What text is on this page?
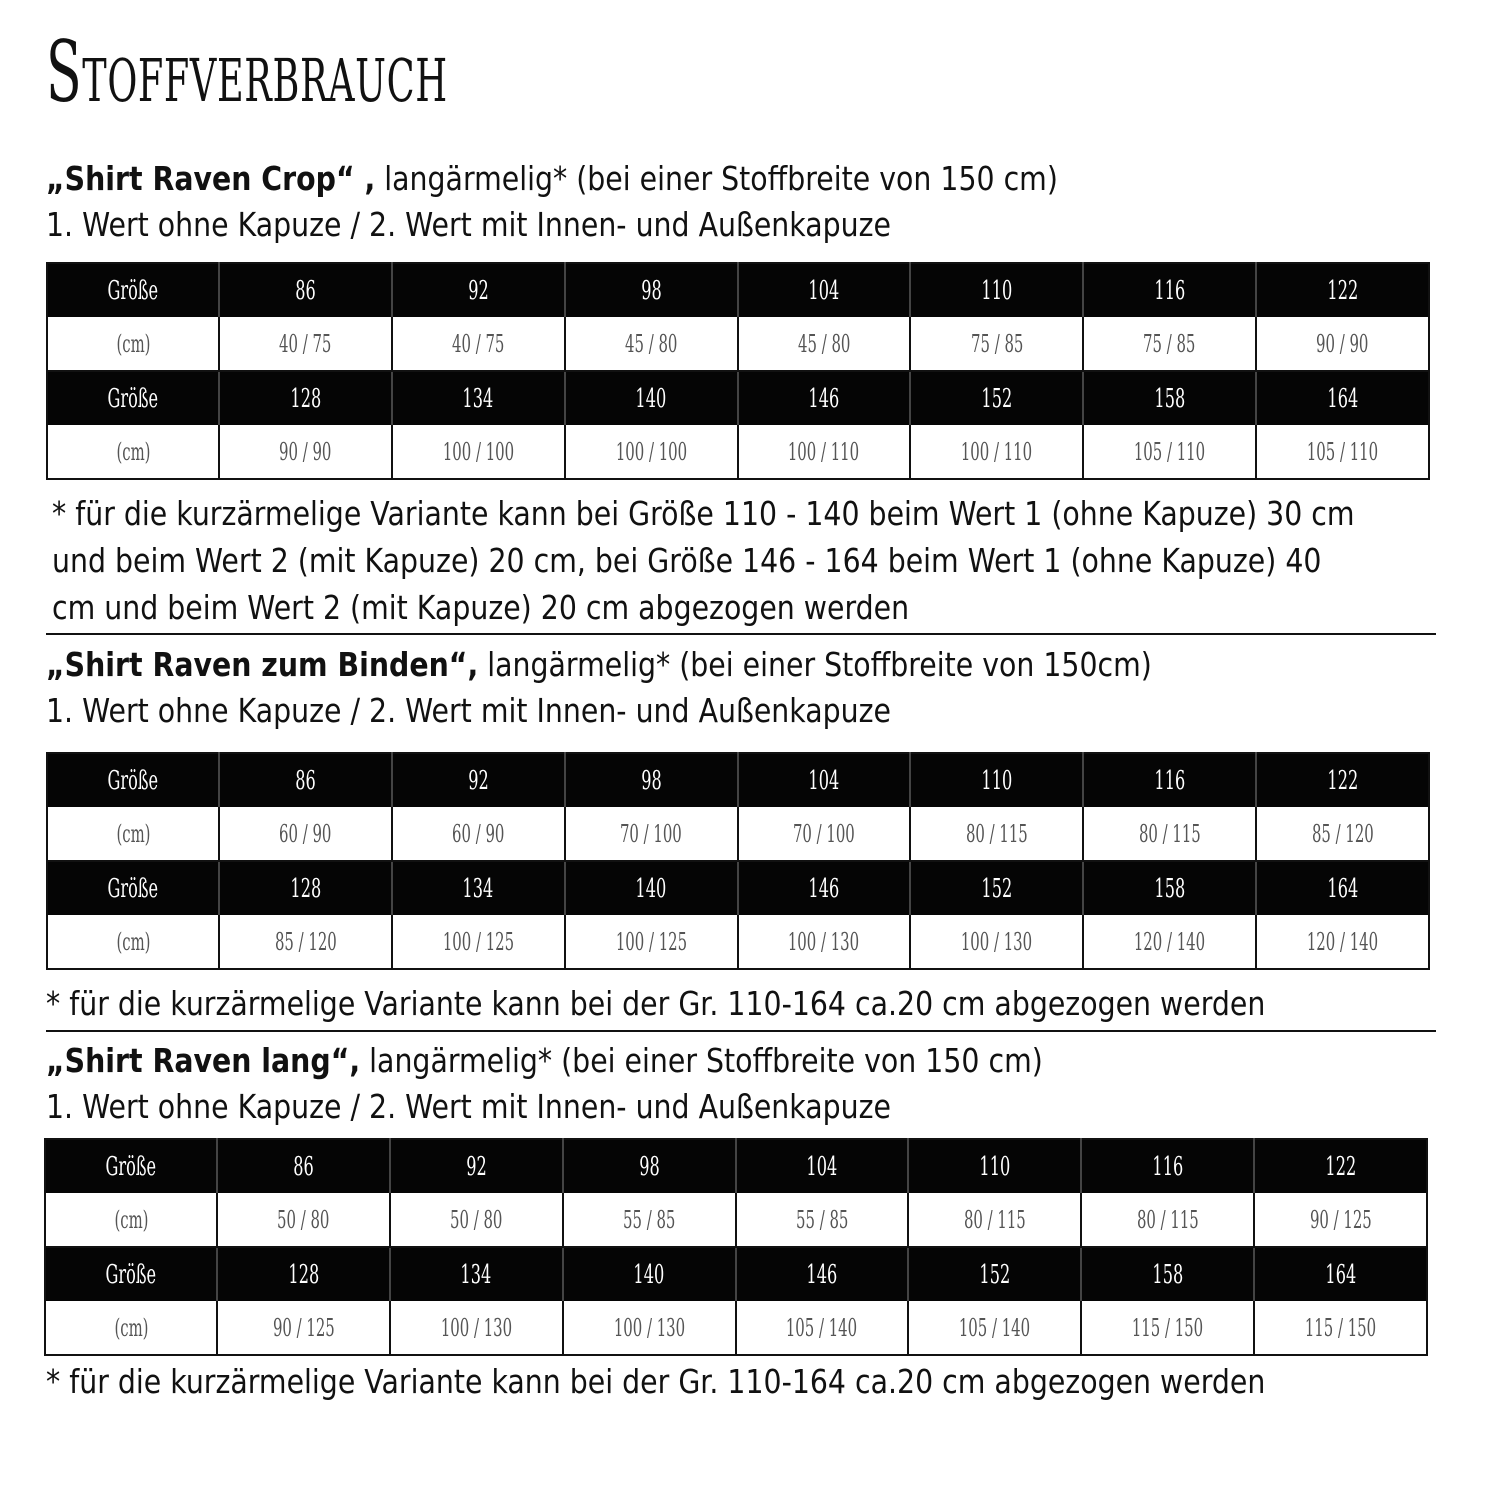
Stoffverbrauch
„Shirt Raven Crop“ , langärmelig* (bei einer Stoffbreite von 150 cm)
1. Wert ohne Kapuze / 2. Wert mit Innen- und Außenkapuze
Größe	86	92	98	104	110	116	122
(cm)	40 / 75	40 / 75	45 / 80	45 / 80	75 / 85	75 / 85	90 / 90
Größe	128	134	140	146	152	158	164
(cm)	90 / 90	100 / 100	100 / 100	100 / 110	100 / 110	105 / 110	105 / 110
* für die kurzärmelige Variante kann bei Größe 110 - 140 beim Wert 1 (ohne Kapuze) 30 cm
und beim Wert 2 (mit Kapuze) 20 cm, bei Größe 146 - 164 beim Wert 1 (ohne Kapuze) 40
cm und beim Wert 2 (mit Kapuze) 20 cm abgezogen werden
„Shirt Raven zum Binden“, langärmelig* (bei einer Stoffbreite von 150cm)
1. Wert ohne Kapuze / 2. Wert mit Innen- und Außenkapuze
Größe	86	92	98	104	110	116	122
(cm)	60 / 90	60 / 90	70 / 100	70 / 100	80 / 115	80 / 115	85 / 120
Größe	128	134	140	146	152	158	164
(cm)	85 / 120	100 / 125	100 / 125	100 / 130	100 / 130	120 / 140	120 / 140
* für die kurzärmelige Variante kann bei der Gr. 110-164 ca.20 cm abgezogen werden
„Shirt Raven lang“, langärmelig* (bei einer Stoffbreite von 150 cm)
1. Wert ohne Kapuze / 2. Wert mit Innen- und Außenkapuze
Größe	86	92	98	104	110	116	122
(cm)	50 / 80	50 / 80	55 / 85	55 / 85	80 / 115	80 / 115	90 / 125
Größe	128	134	140	146	152	158	164
(cm)	90 / 125	100 / 130	100 / 130	105 / 140	105 / 140	115 / 150	115 / 150
* für die kurzärmelige Variante kann bei der Gr. 110-164 ca.20 cm abgezogen werden
